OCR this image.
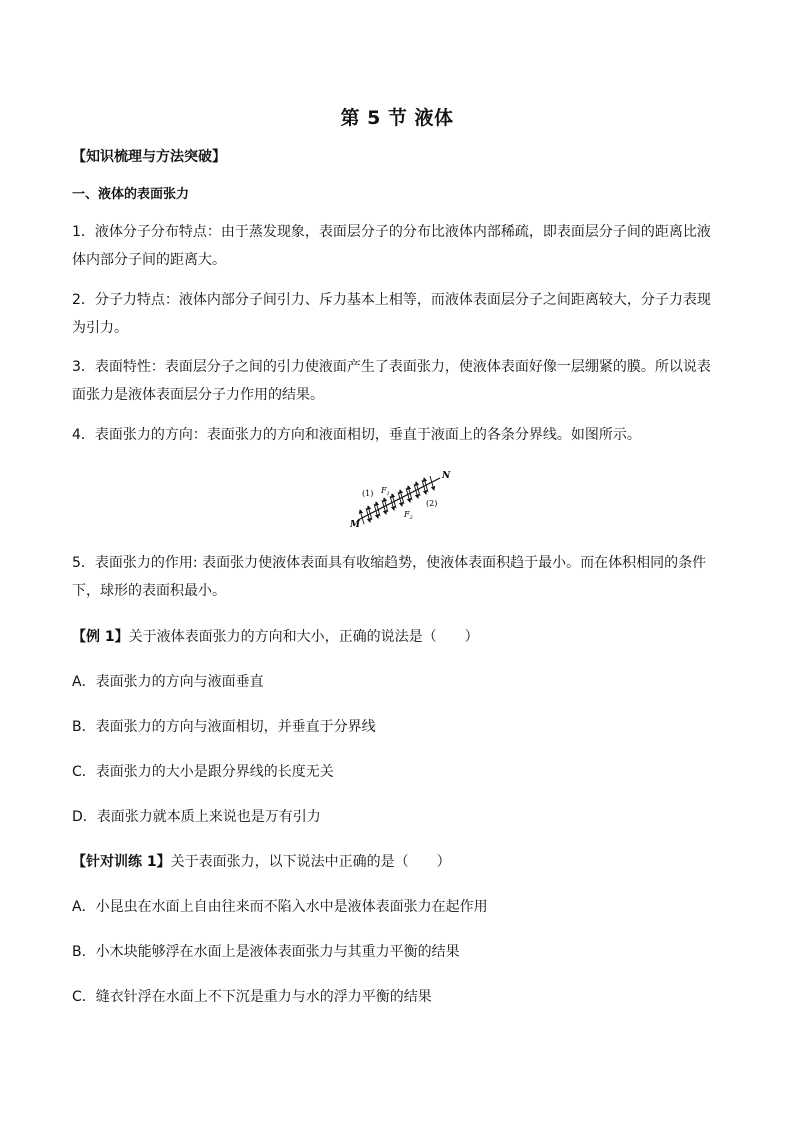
第 5 节 液体
【知识梳理与方法突破】
一、液体的表面张力
1．液体分子分布特点：由于蒸发现象，表面层分子的分布比液体内部稀疏，即表面层分子间的距离比液体内部分子间的距离大。
2．分子力特点：液体内部分子间引力、斥力基本上相等，而液体表面层分子之间距离较大，分子力表现为引力。
3．表面特性：表面层分子之间的引力使液面产生了表面张力，使液体表面好像一层绷紧的膜。所以说表面张力是液体表面层分子力作用的结果。
4．表面张力的方向：表面张力的方向和液面相切，垂直于液面上的各条分界线。如图所示。
N
M
(1)
(2)
$F_1$
$F_2$
5．表面张力的作用: 表面张力使液体表面具有收缩趋势，使液体表面积趋于最小。而在体积相同的条件下，球形的表面积最小。
【例 1】关于液体表面张力的方向和大小，正确的说法是（　　）
A．表面张力的方向与液面垂直
B．表面张力的方向与液面相切，并垂直于分界线
C．表面张力的大小是跟分界线的长度无关
D．表面张力就本质上来说也是万有引力
【针对训练 1】关于表面张力，以下说法中正确的是（　　）
A．小昆虫在水面上自由往来而不陷入水中是液体表面张力在起作用
B．小木块能够浮在水面上是液体表面张力与其重力平衡的结果
C．缝衣针浮在水面上不下沉是重力与水的浮力平衡的结果
